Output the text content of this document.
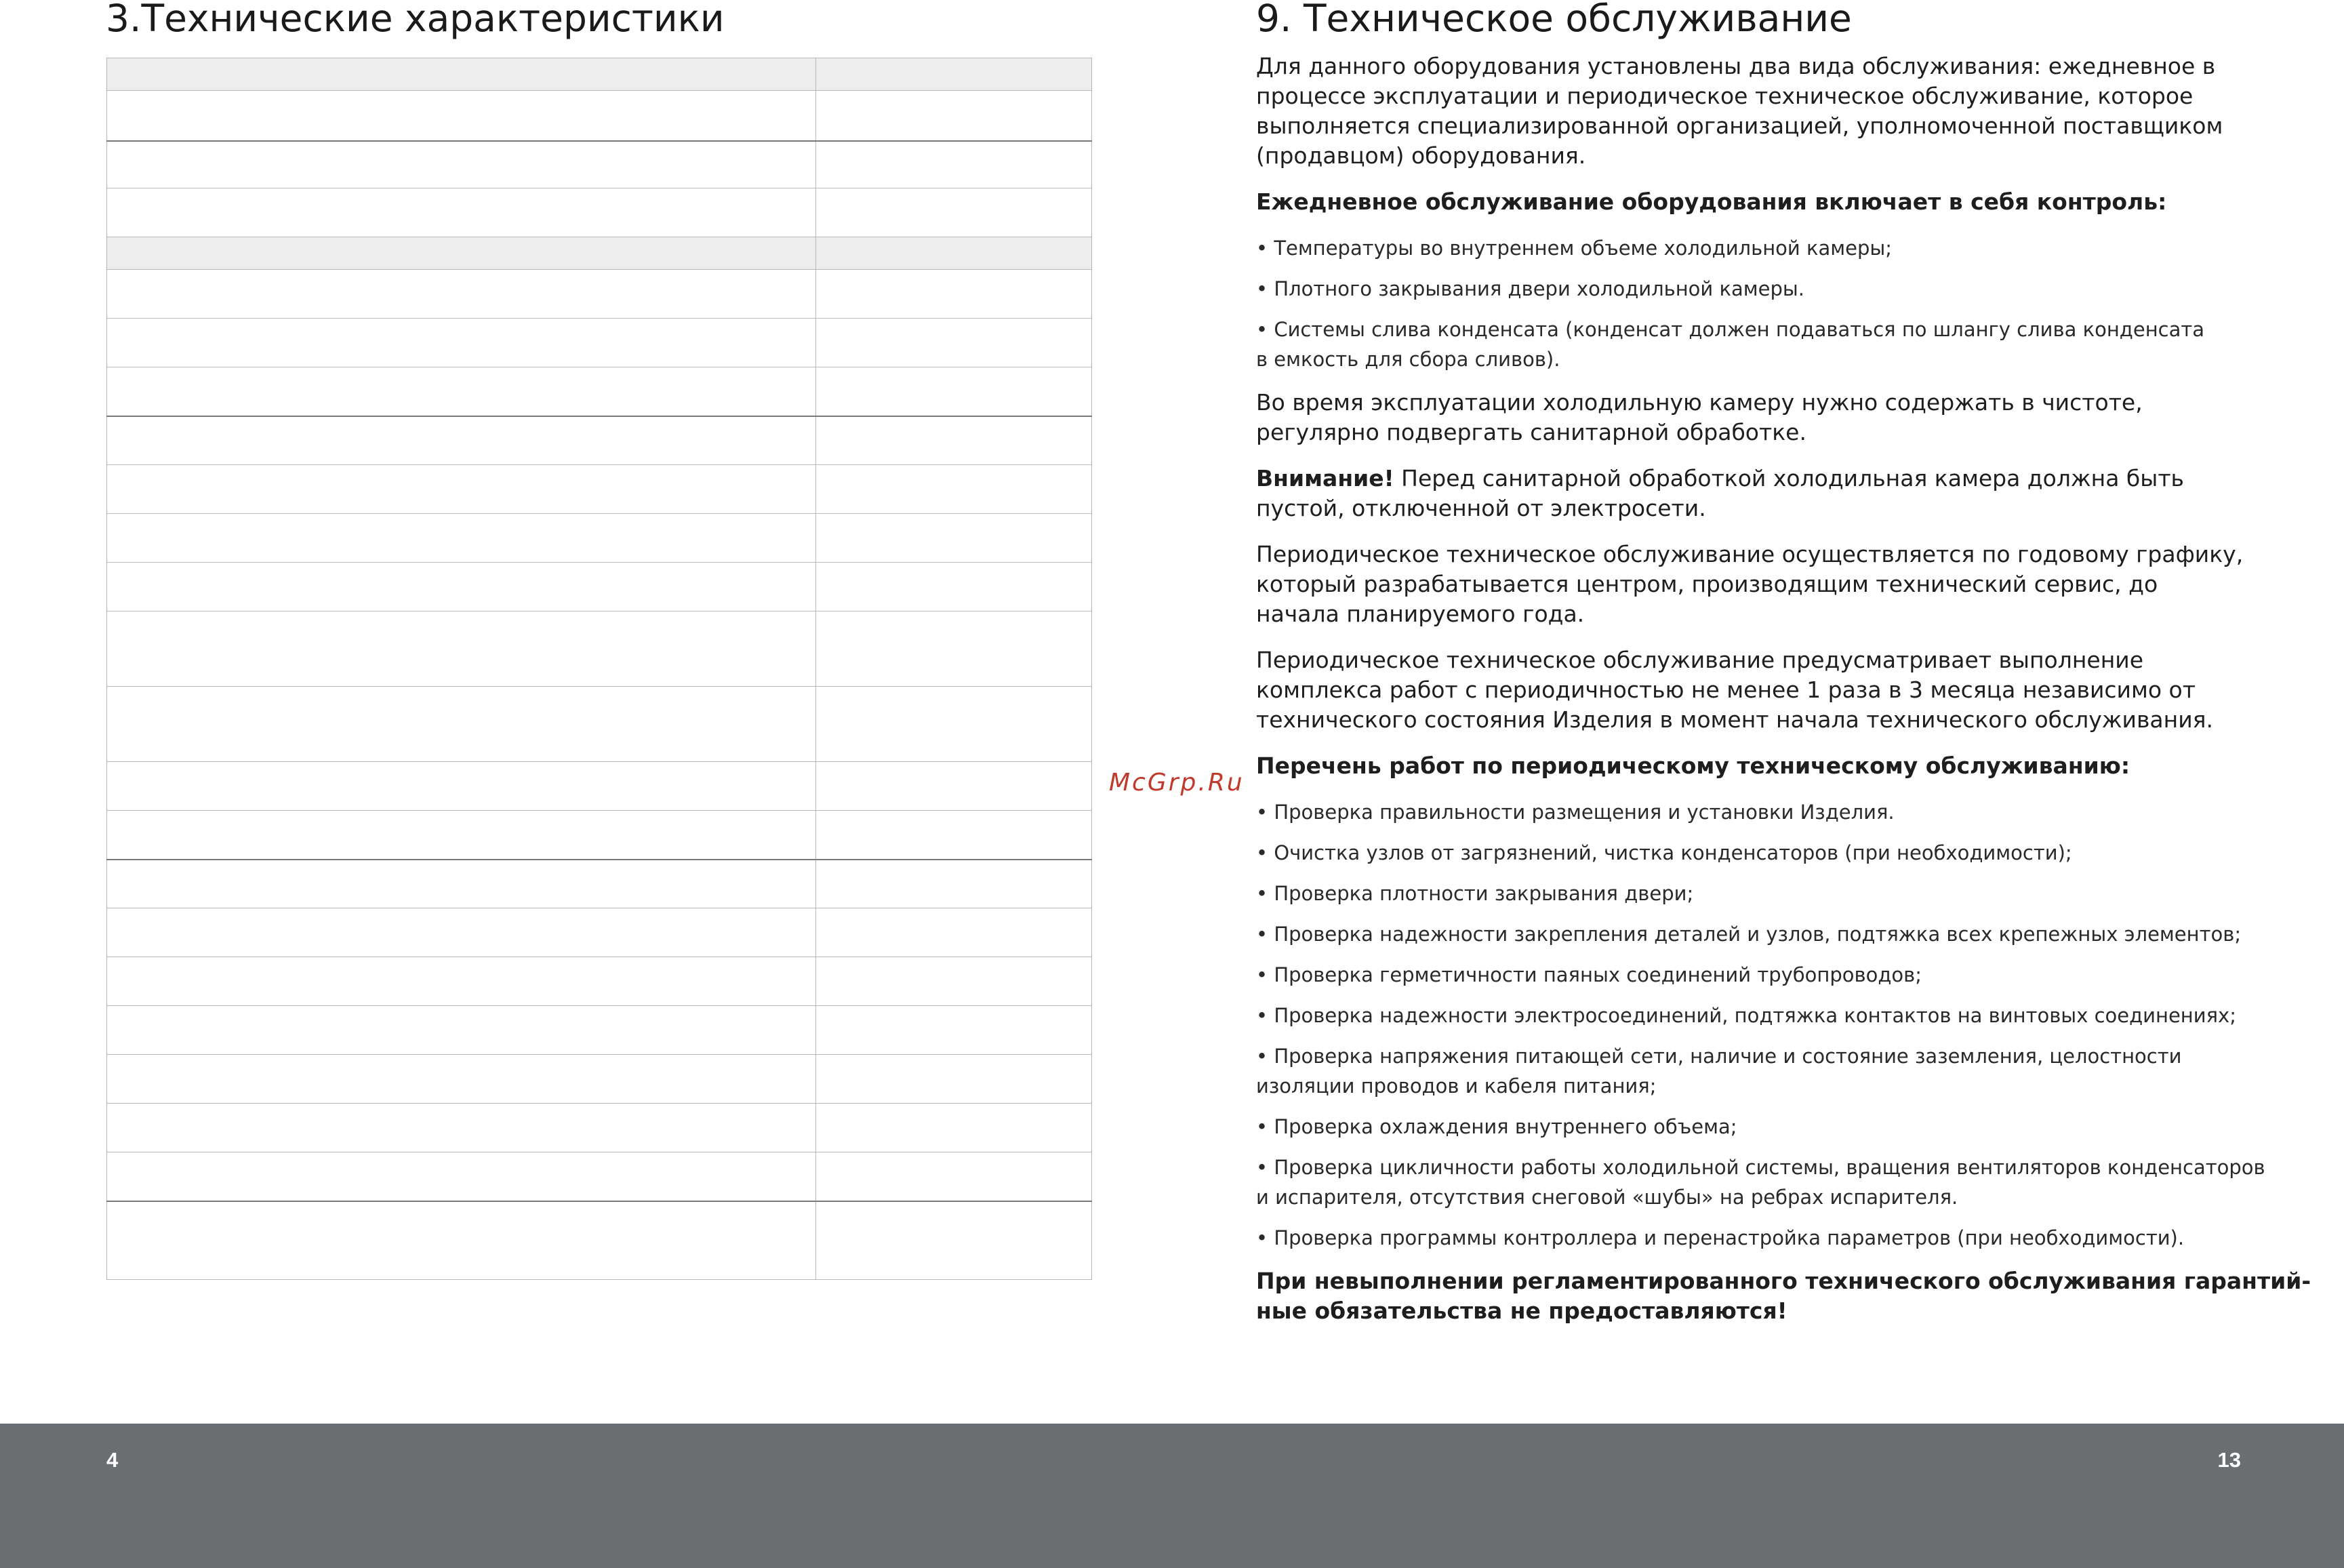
3.Технические характеристики

McGrp.Ru
9. Техническое обслуживание

Для данного оборудования установлены два вида обслуживания: ежедневное в процессе эксплуатации и периодическое техническое обслуживание, которое выполняется специализированной организацией, уполномоченной поставщиком (продавцом) оборудования.

Ежедневное обслуживание оборудования включает в себя контроль:

• Температуры во внутреннем объеме холодильной камеры;
• Плотного закрывания двери холодильной камеры.
• Системы слива конденсата (конденсат должен подаваться по шлангу слива конденсата
в емкость для сбора сливов).

Во время эксплуатации холодильную камеру нужно содержать в чистоте, регулярно подвергать санитарной обработке.

Внимание! Перед санитарной обработкой холодильная камера должна быть пустой, отключенной от электросети.

Периодическое техническое обслуживание осуществляется по годовому графику, который разрабатывается центром, производящим технический сервис, до начала планируемого года.

Периодическое техническое обслуживание предусматривает выполнение комплекса работ с периодичностью не менее 1 раза в 3 месяца независимо от технического состояния Изделия в момент начала технического обслуживания.

Перечень работ по периодическому техническому обслуживанию:

• Проверка правильности размещения и установки Изделия.
• Очистка узлов от загрязнений, чистка конденсаторов (при необходимости);
• Проверка плотности закрывания двери;
• Проверка надежности закрепления деталей и узлов, подтяжка всех крепежных элементов;
• Проверка герметичности паяных соединений трубопроводов;
• Проверка надежности электросоединений, подтяжка контактов на винтовых соединениях;
• Проверка напряжения питающей сети, наличие и состояние заземления, целостности
изоляции проводов и кабеля питания;
• Проверка охлаждения внутреннего объема;
• Проверка цикличности работы холодильной системы, вращения вентиляторов конденсаторов
и испарителя, отсутствия снеговой «шубы» на ребрах испарителя.
• Проверка программы контроллера и перенастройка параметров (при необходимости).
При невыполнении регламентированного технического обслуживания гарантий-
ные обязательства не предоставляются!
4	13
